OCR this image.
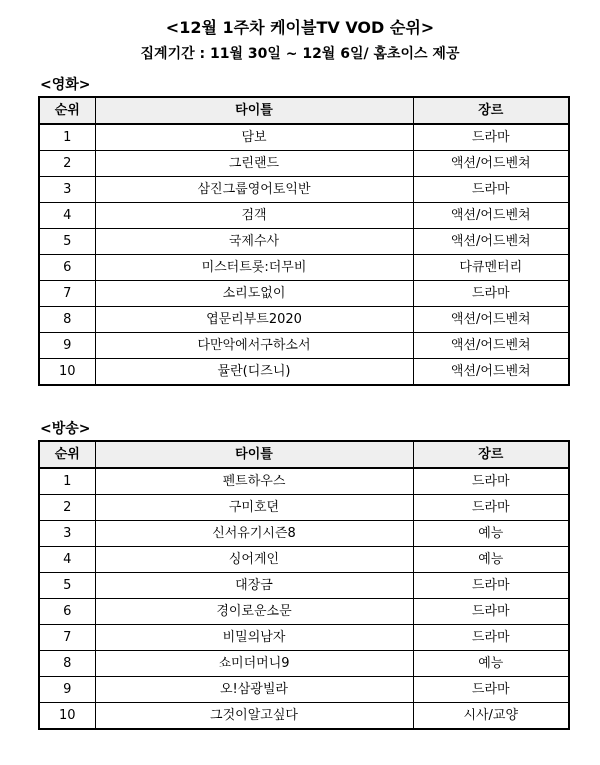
<12월 1주차 케이블TV VOD 순위>
집계기간 : 11월 30일 ~ 12월 6일/ 홈초이스 제공
<영화>
순위	타이틀	장르
1	담보	드라마
2	그린랜드	액션/어드벤쳐
3	삼진그룹영어토익반	드라마
4	검객	액션/어드벤쳐
5	국제수사	액션/어드벤쳐
6	미스터트롯:더무비	다큐멘터리
7	소리도없이	드라마
8	엽문리부트2020	액션/어드벤쳐
9	다만악에서구하소서	액션/어드벤쳐
10	뮬란(디즈니)	액션/어드벤쳐
<방송>
순위	타이틀	장르
1	펜트하우스	드라마
2	구미호뎐	드라마
3	신서유기시즌8	예능
4	싱어게인	예능
5	대장금	드라마
6	경이로운소문	드라마
7	비밀의남자	드라마
8	쇼미더머니9	예능
9	오!삼광빌라	드라마
10	그것이알고싶다	시사/교양
